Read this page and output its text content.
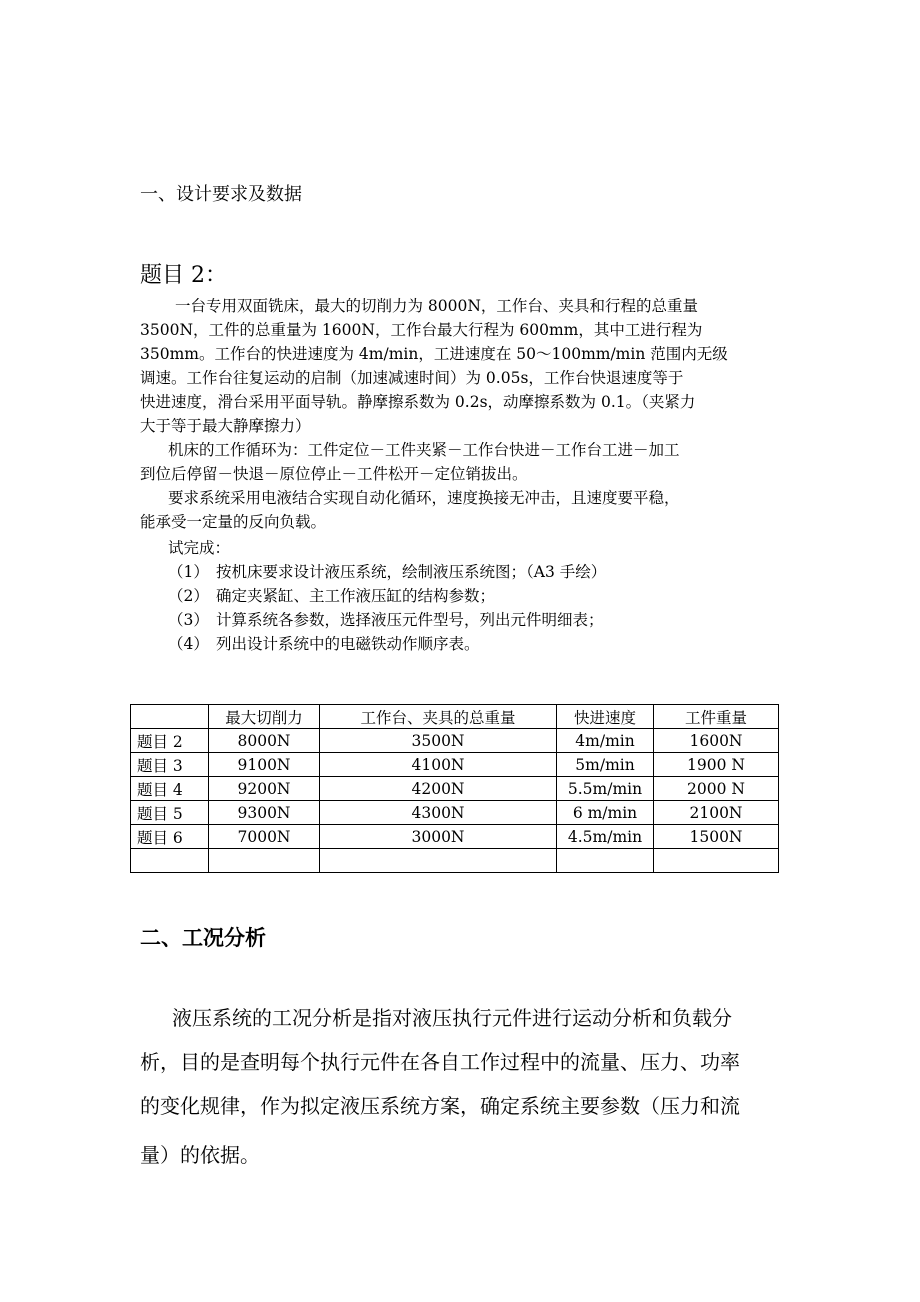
一、设计要求及数据
题目 2：
一台专用双面铣床，最大的切削力为 8000N，工作台、夹具和行程的总重量
3500N，工件的总重量为 1600N，工作台最大行程为 600mm，其中工进行程为
350mm。工作台的快进速度为 4m/min，工进速度在 50～100mm/min 范围内无级
调速。工作台往复运动的启制（加速减速时间）为 0.05s，工作台快退速度等于
快进速度，滑台采用平面导轨。静摩擦系数为 0.2s，动摩擦系数为 0.1。（夹紧力
大于等于最大静摩擦力）
机床的工作循环为：工件定位－工件夹紧－工作台快进－工作台工进－加工
到位后停留－快退－原位停止－工件松开－定位销拔出。
要求系统采用电液结合实现自动化循环，速度换接无冲击，且速度要平稳，
能承受一定量的反向负载。
试完成：
（1） 按机床要求设计液压系统，绘制液压系统图；（A3 手绘）
（2） 确定夹紧缸、主工作液压缸的结构参数；
（3） 计算系统各参数，选择液压元件型号，列出元件明细表；
（4） 列出设计系统中的电磁铁动作顺序表。
	最大切削力	工作台、夹具的总重量	快进速度	工件重量
题目 2	8000N	3500N	4m/min	1600N
题目 3	9100N	4100N	5m/min	1900 N
题目 4	9200N	4200N	5.5m/min	2000 N
题目 5	9300N	4300N	6 m/min	2100N
题目 6	7000N	3000N	4.5m/min	1500N

二、工况分析
液压系统的工况分析是指对液压执行元件进行运动分析和负载分
析，目的是查明每个执行元件在各自工作过程中的流量、压力、功率
的变化规律，作为拟定液压系统方案，确定系统主要参数（压力和流
量）的依据。
